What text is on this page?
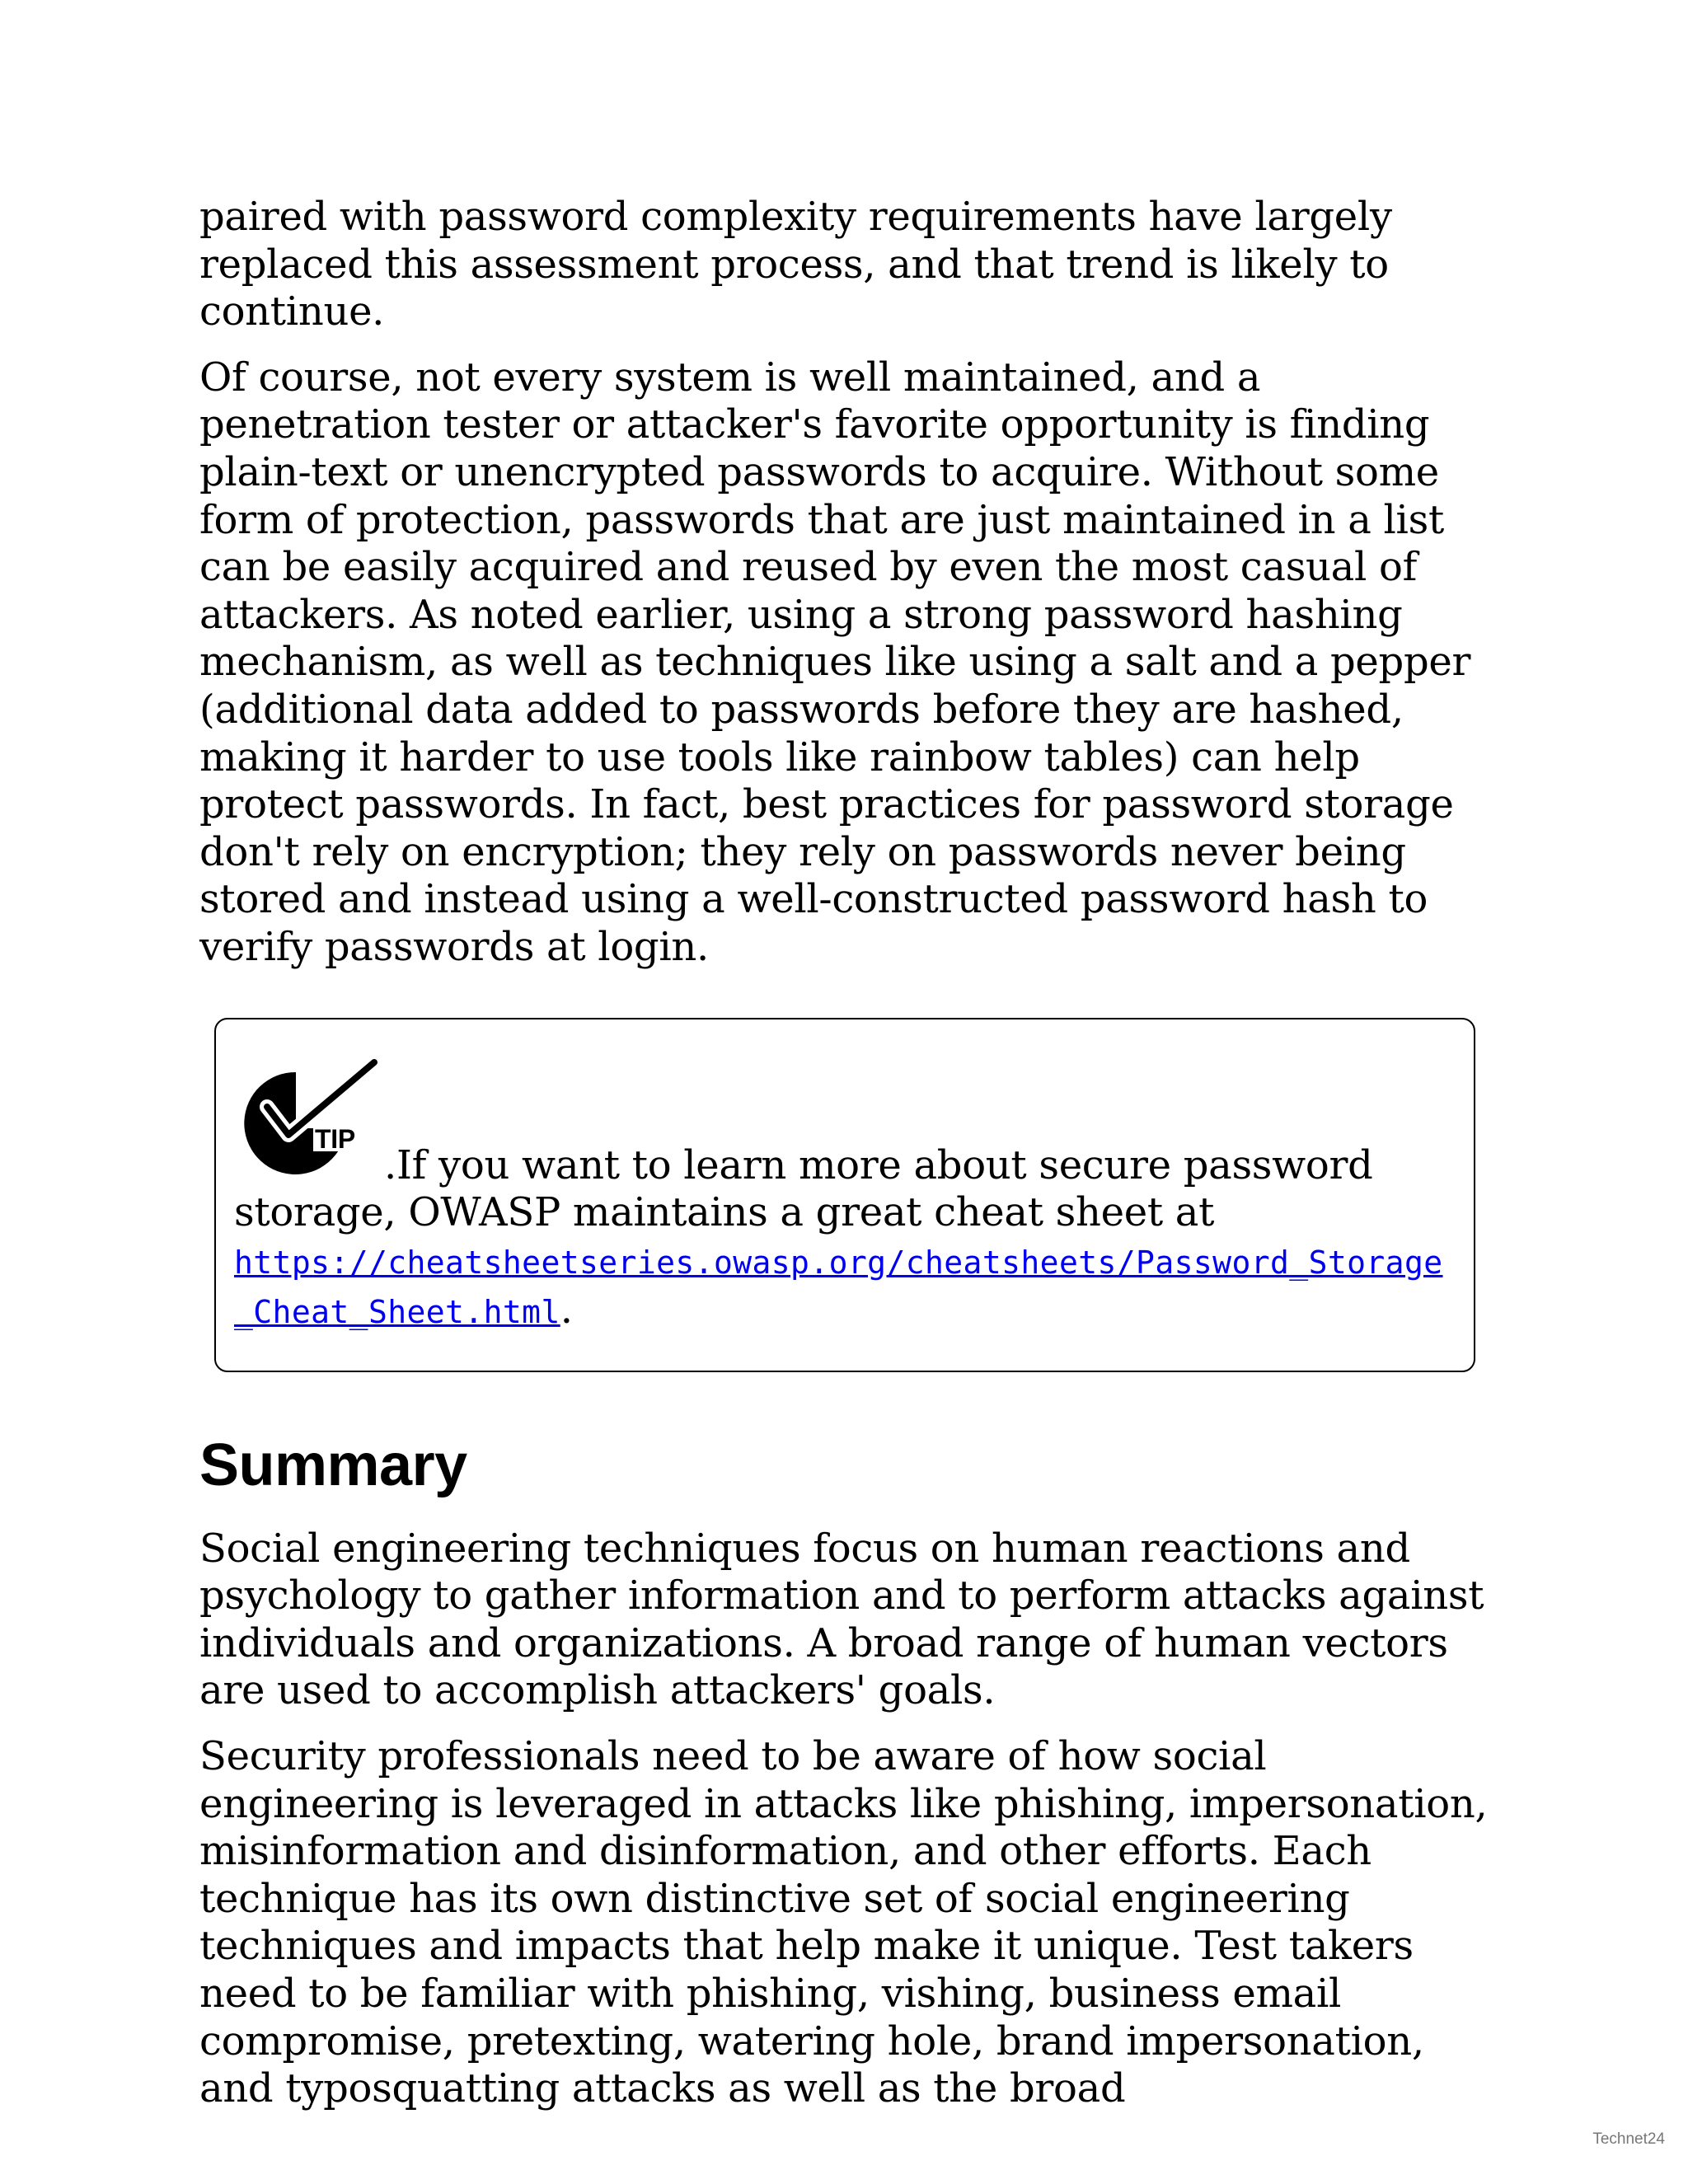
paired with password complexity requirements have largely replaced this assessment process, and that trend is likely to continue.

Of course, not every system is well maintained, and a penetration tester or attacker's favorite opportunity is finding plain-text or unencrypted passwords to acquire. Without some form of protection, passwords that are just maintained in a list can be easily acquired and reused by even the most casual of attackers. As noted earlier, using a strong password hashing mechanism, as well as techniques like using a salt and a pepper (additional data added to passwords before they are hashed, making it harder to use tools like rainbow tables) can help protect passwords. In fact, best practices for password storage don't rely on encryption; they rely on passwords never being stored and instead using a well-constructed password hash to verify passwords at login.

TIP
.If you want to learn more about secure password storage, OWASP maintains a great cheat sheet at
https://cheatsheetseries.owasp.org/cheatsheets/Password_Storage_Cheat_Sheet.html.
Summary

Social engineering techniques focus on human reactions and psychology to gather information and to perform attacks against individuals and organizations. A broad range of human vectors are used to accomplish attackers' goals.

Security professionals need to be aware of how social engineering is leveraged in attacks like phishing, impersonation, misinformation and disinformation, and other efforts. Each technique has its own distinctive set of social engineering techniques and impacts that help make it unique. Test takers need to be familiar with phishing, vishing, business email compromise, pretexting, watering hole, brand impersonation, and typosquatting attacks as well as the broad

Technet24
